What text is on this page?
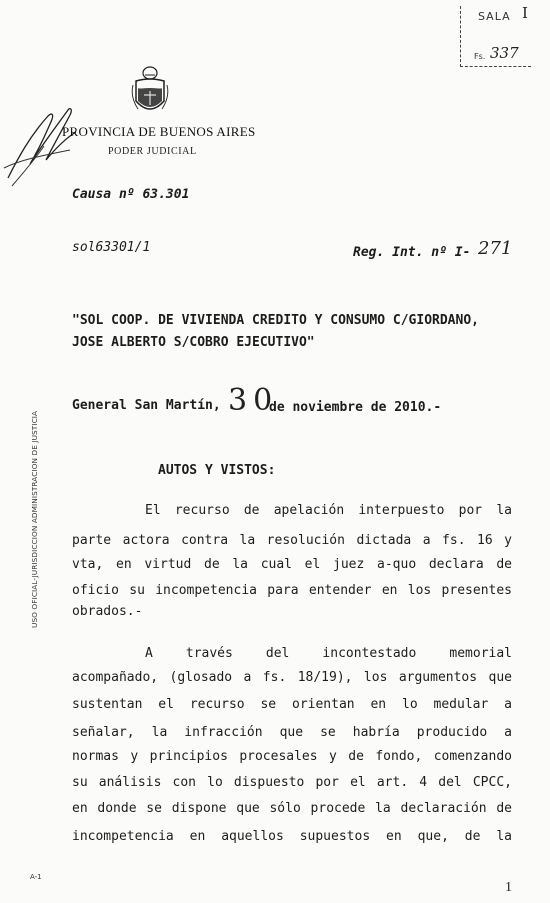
SALA I
Fs. 337
PROVINCIA DE BUENOS AIRES
PODER JUDICIAL
USO OFICIAL-JURISDICCION ADMINISTRACION DE JUSTICIA
Causa nº 63.301
sol63301/1	Reg. Int. nº I- 271
"SOL COOP. DE VIVIENDA CREDITO Y CONSUMO C/GIORDANO,
JOSE ALBERTO S/COBRO EJECUTIVO"
General San Martín, 30
de noviembre de 2010.-
AUTOS Y VISTOS:
El recurso de apelación interpuesto por la
parte actora contra la resolución dictada a fs. 16 y
vta, en virtud de la cual el juez a-quo declara de
oficio su incompetencia para entender en los presentes
obrados.-
A través del incontestado memorial
acompañado, (glosado a fs. 18/19), los argumentos que
sustentan el recurso se orientan en lo medular a
señalar, la infracción que se habría producido a
normas y principios procesales y de fondo, comenzando
su análisis con lo dispuesto por el art. 4 del CPCC,
en donde se dispone que sólo procede la declaración de
incompetencia en aquellos supuestos en que, de la
A-1
1
